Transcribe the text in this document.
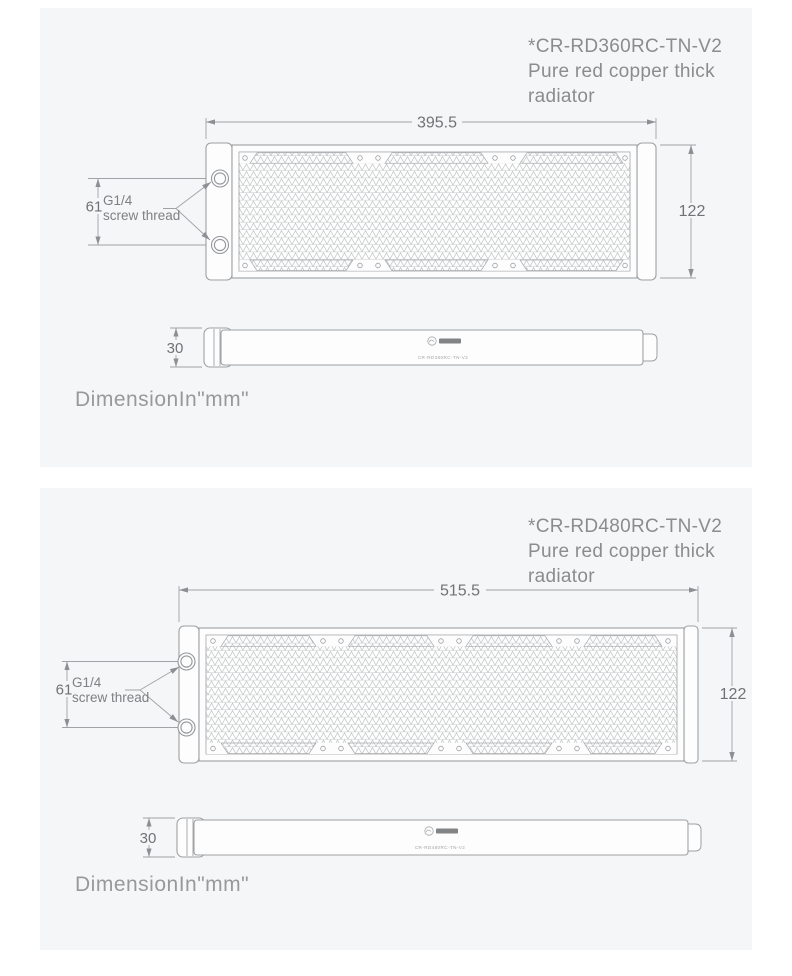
*CR-RD360RC-TN-V2
Pure red copper thick
radiator
395.5
122
61 G1/4
screw thread
30
CR-RD360RC-TN-V2
DimensionIn"mm"
*CR-RD480RC-TN-V2
Pure red copper thick
radiator
515.5
122
61 G1/4
screw thread
30
CR-RD480RC-TN-V2
DimensionIn"mm"
